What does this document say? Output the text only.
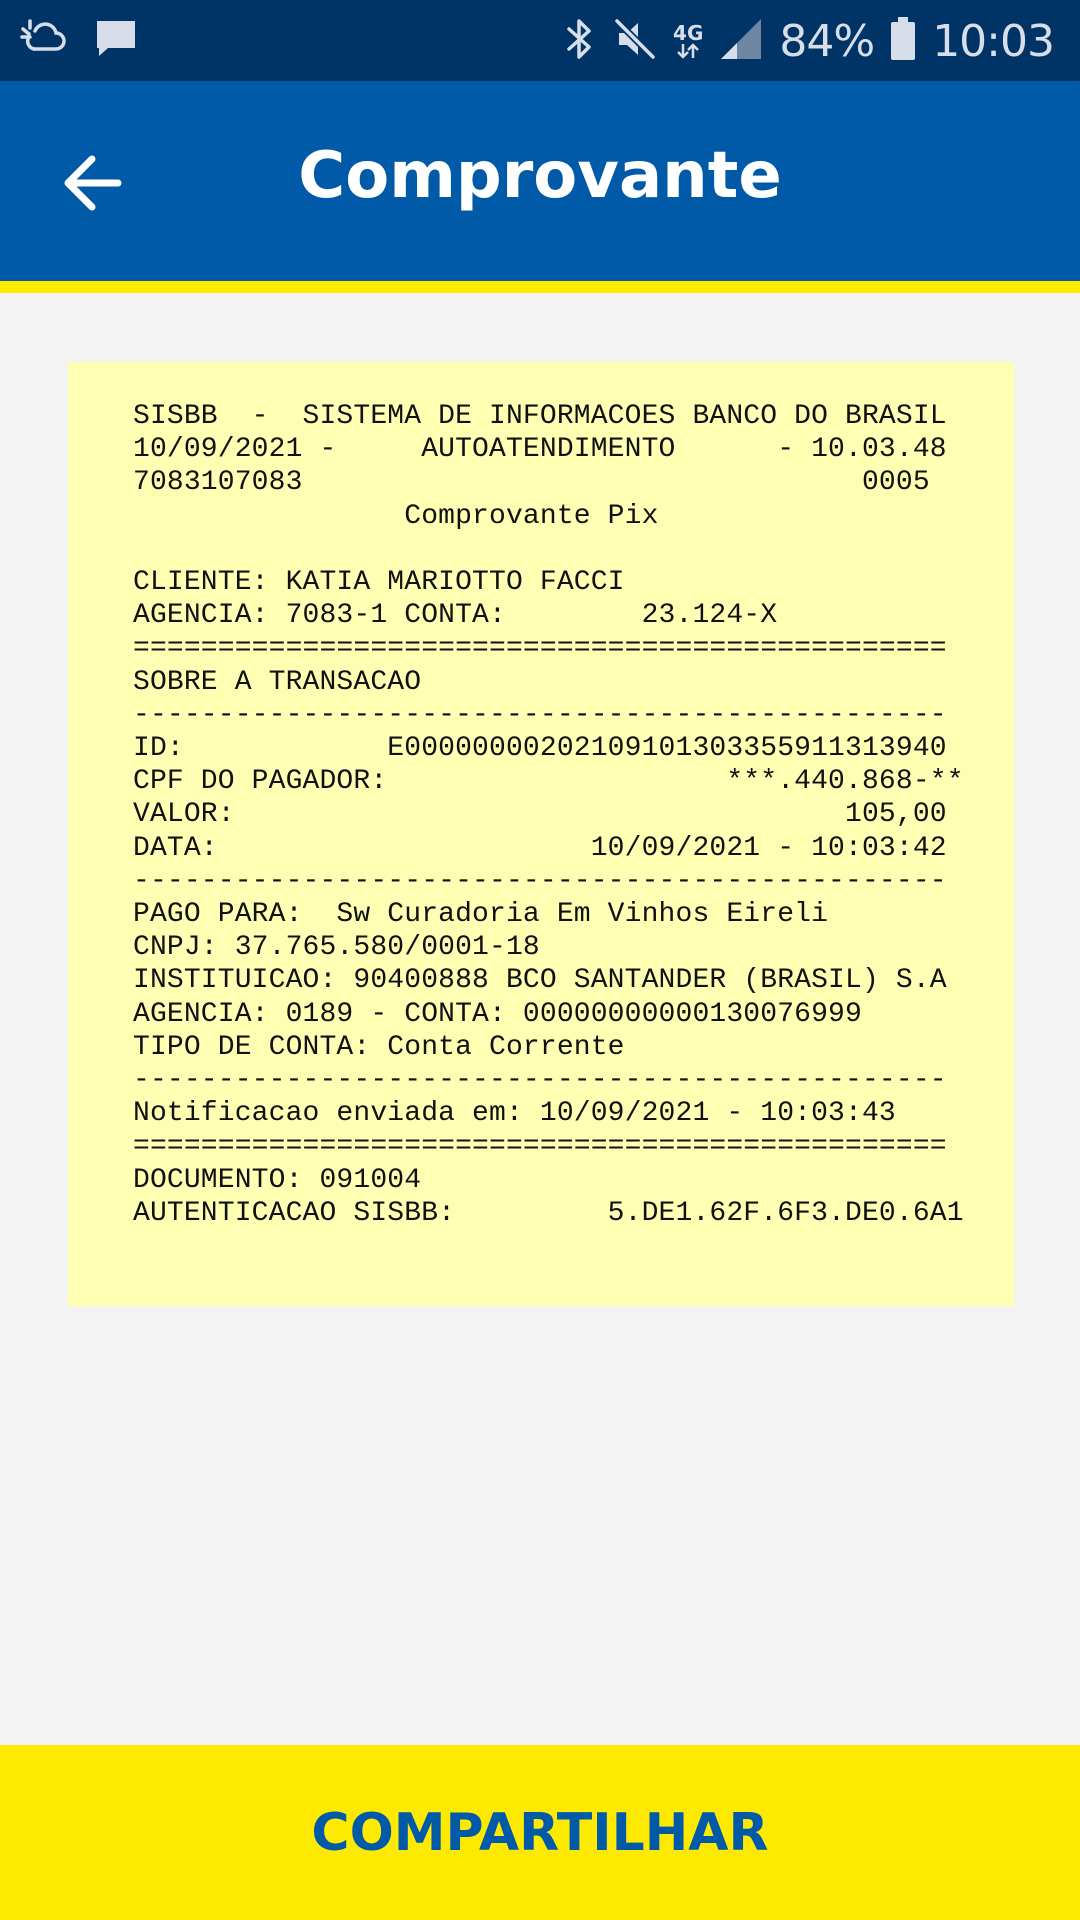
4G 84% 10:03
Comprovante
SISBB  -  SISTEMA DE INFORMACOES BANCO DO BRASIL
10/09/2021 -     AUTOATENDIMENTO      - 10.03.48
7083107083                                 0005
Comprovante Pix

CLIENTE: KATIA MARIOTTO FACCI
AGENCIA: 7083-1 CONTA:        23.124-X
================================================
SOBRE A TRANSACAO
------------------------------------------------
ID:            E00000000202109101303355911313940
CPF DO PAGADOR:                    ***.440.868-**
VALOR:                                    105,00
DATA:                      10/09/2021 - 10:03:42
------------------------------------------------
PAGO PARA:  Sw Curadoria Em Vinhos Eireli
CNPJ: 37.765.580/0001-18
INSTITUICAO: 90400888 BCO SANTANDER (BRASIL) S.A
AGENCIA: 0189 - CONTA: 00000000000130076999
TIPO DE CONTA: Conta Corrente
------------------------------------------------
Notificacao enviada em: 10/09/2021 - 10:03:43
================================================
DOCUMENTO: 091004
AUTENTICACAO SISBB:         5.DE1.62F.6F3.DE0.6A1
COMPARTILHAR
